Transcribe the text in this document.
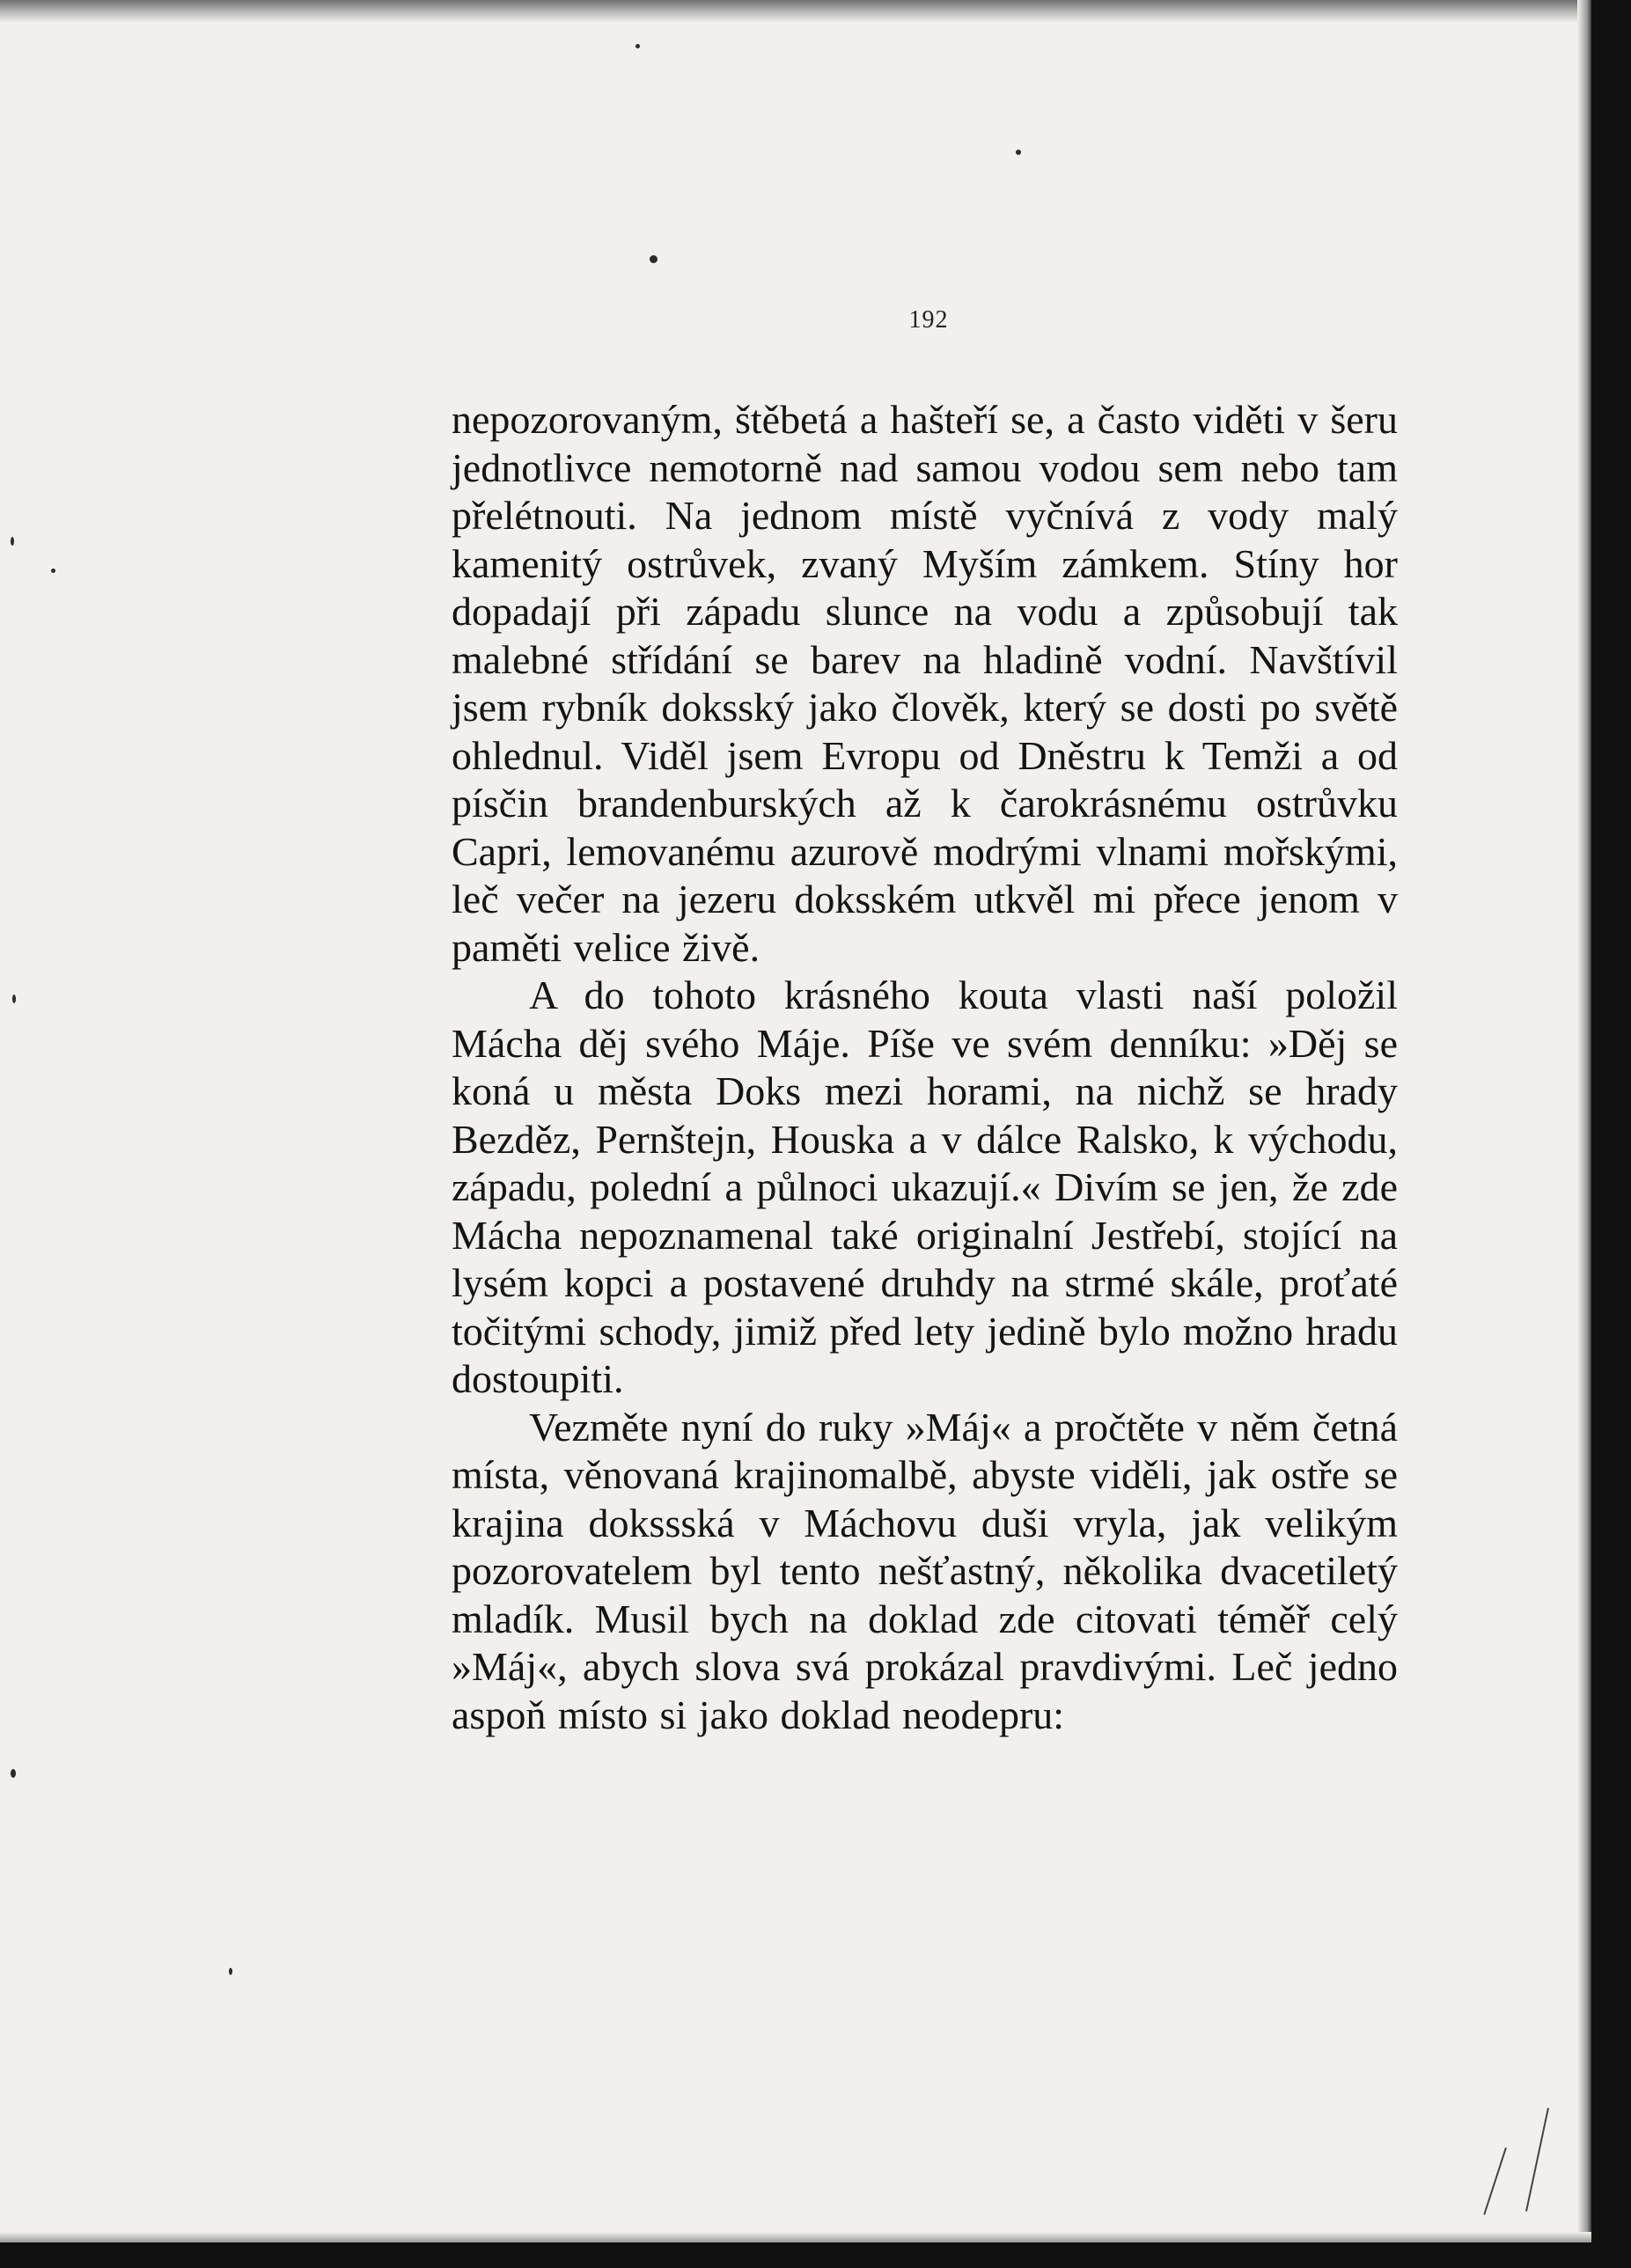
192

nepozorovaným, štěbetá a hašteří se, a často viděti v šeru jednotlivce nemotorně nad samou vodou sem nebo tam přelétnouti. Na jednom místě vyčnívá z vody malý kamenitý ostrůvek, zvaný Myším zámkem. Stíny hor dopadají při západu slunce na vodu a způsobují tak malebné střídání se barev na hladině vodní. Navštívil jsem rybník doksský jako člověk, který se dosti po světě ohlednul. Viděl jsem Evropu od Dněstru k Temži a od písčin brandenburských až k čarokrásnému ostrůvku Capri, lemovanému azurově modrými vlnami mořskými, leč večer na jezeru doksském utkvěl mi přece jenom v paměti velice živě.

A do tohoto krásného kouta vlasti naší položil Mácha děj svého Máje. Píše ve svém denníku: »Děj se koná u města Doks mezi horami, na nichž se hrady Bezděz, Pernštejn, Houska a v dálce Ralsko, k východu, západu, polední a půlnoci ukazují.« Divím se jen, že zde Mácha nepoznamenal také originalní Jestřebí, stojící na lysém kopci a postavené druhdy na strmé skále, proťaté točitými schody, jimiž před lety jedině bylo možno hradu dostoupiti.

Vezměte nyní do ruky »Máj« a pročtěte v něm četná místa, věnovaná krajinomalbě, abyste viděli, jak ostře se krajina dokssská v Máchovu duši vryla, jak velikým pozorovatelem byl tento nešťastný, několika dvacetiletý mladík. Musil bych na doklad zde citovati téměř celý »Máj«, abych slova svá prokázal pravdivými. Leč jedno aspoň místo si jako doklad neodepru:
